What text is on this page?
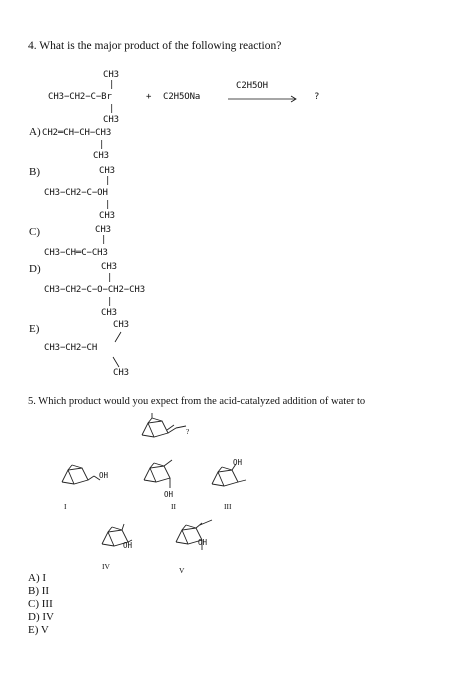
4. What is the major product of the following reaction?
CH3
|
CH3−CH2−C−Br
|
CH3
+ C2H5ONa
C2H5OH
?
A) CH2═CH−CH−CH3
|
CH3
B)	CH3
|
CH3−CH2−C−OH
|
CH3
C)	CH3
|
CH3−CH═C−CH3
D)	CH3
|
CH3−CH2−C−O−CH2−CH3
|
CH3
E)	CH3
CH3−CH2−CH
CH3
5. Which product would you expect from the acid-catalyzed addition of water to
?
OH
I
OH
II
OH
III
OH
IV
OH
V
A) I
B) II
C) III
D) IV
E) V
